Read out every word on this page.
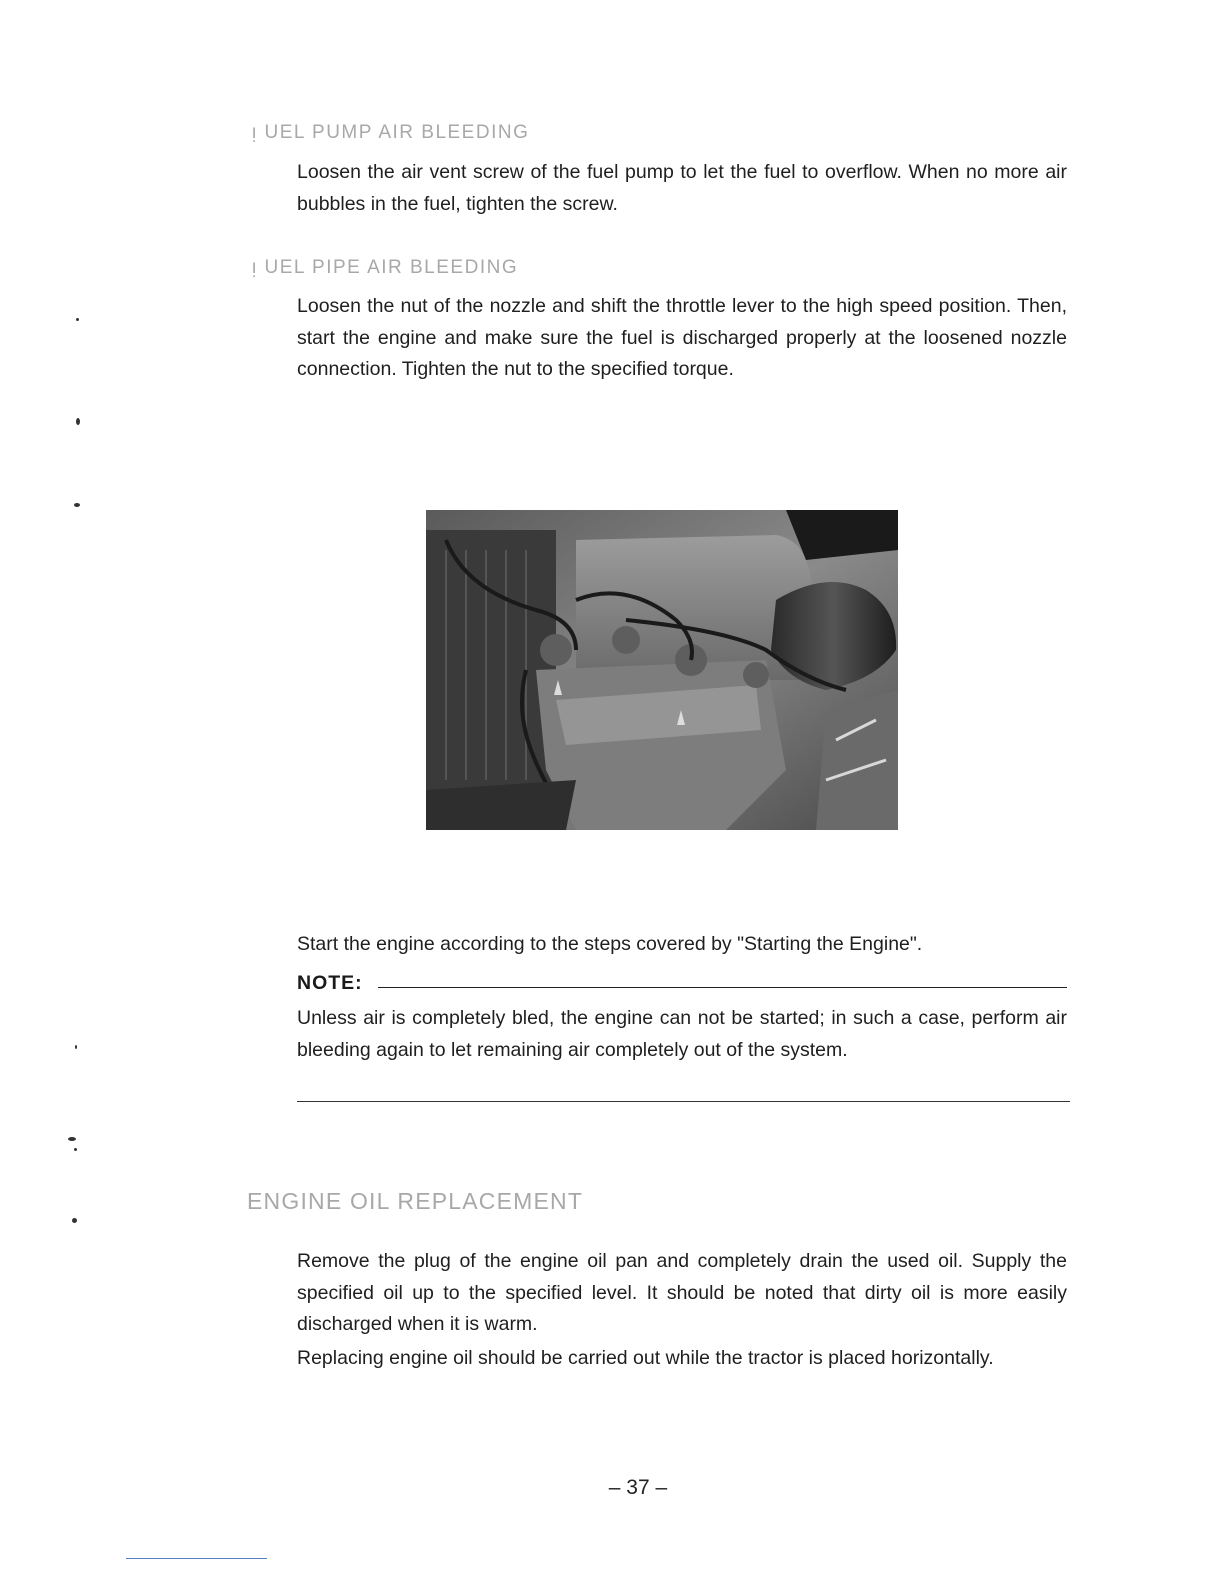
ᴉ UEL PUMP AIR BLEEDING

Loosen the air vent screw of the fuel pump to let the fuel to overflow. When no more air bubbles in the fuel, tighten the screw.

ᴉ UEL PIPE AIR BLEEDING

Loosen the nut of the nozzle and shift the throttle lever to the high speed position. Then, start the engine and make sure the fuel is discharged properly at the loosened nozzle connection. Tighten the nut to the specified torque.

Start the engine according to the steps covered by "Starting the Engine".

NOTE:

Unless air is completely bled, the engine can not be started; in such a case, perform air bleeding again to let remaining air completely out of the system.

ENGINE OIL REPLACEMENT

Remove the plug of the engine oil pan and completely drain the used oil. Supply the specified oil up to the specified level. It should be noted that dirty oil is more easily discharged when it is warm.

Replacing engine oil should be carried out while the tractor is placed horizontally.

– 37 –
